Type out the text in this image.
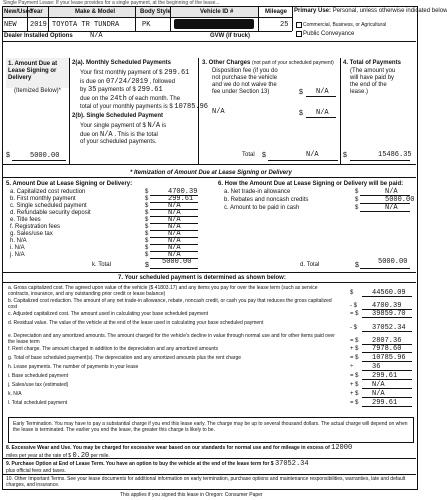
Single Payment Lease: If your lease provides for a single payment, at the beginning of the lease...
New/Used
Year	Make & Model	Body Style	Vehicle ID #	Mileage Primary Use: Personal, unless otherwise indicated below
NEW 2019 TOYOTA TR TUNDRA	PK	25	Commercial, Business, or Agricultural
Public Conveyance
Dealer Installed Options N/A	GVW (if truck)
1. Amount Due at Lease Signing or Delivery
(Itemized Below)*
$	5000.00
2(a). Monthly Scheduled Payments
Your first monthly payment of $ 299.61
is due on 07/24/2019 , followed
by 35 payments of $ 299.61
due on the 24th of each month. The
total of your monthly payments is $ 10785.96
2(b). Single Scheduled Payment
Your single payment of $ N/A is
due on N/A . This is the total
of your scheduled payments.
3. Other Charges (not part of your scheduled payment)
Disposition fee (if you do
not purchase the vehicle
and we do not waive the
fee under Section 13)	$ N/A
N/A	$ N/A
Total $	N/A
4. Total of Payments
(The amount you
will have paid by
the end of the
lease.)
$	15486.35
* Itemization of Amount Due at Lease Signing or Delivery
5. Amount Due at Lease Signing or Delivery:
a. Capitalized cost reduction	$	4700.39
b. First monthly payment	$	299.61
c. Single scheduled payment	$	N/A
d. Refundable security deposit	$	N/A
e. Title fees	$	N/A
f. Registration fees	$	N/A
g. Sales/use tax	$	N/A
h. N/A	$	N/A
i. N/A	$	N/A
j. N/A	$	N/A
k. Total	$ 5000.00
6. How the Amount Due at Lease Signing or Delivery will be paid:
a. Net trade-in allowance	$	N/A
b. Rebates and noncash credits	$	5000.00
c. Amount to be paid in cash	$	N/A
d. Total	$	5000.00
7. Your scheduled payment is determined as shown below:
a. Gross capitalized cost. The agreed upon value of the vehicle ($ 41803.17) and any items you pay for over the lease term (such as service contracts, insurance, and any outstanding prior credit or lease balance)	$	44560.09
b. Capitalized cost reduction. The amount of any net trade-in allowance, rebate, noncash credit, or cash you pay that reduces the gross capitalized cost	- $ 4700.39
c. Adjusted capitalized cost. The amount used in calculating your base scheduled payment	= $ 39859.70
d. Residual value. The value of the vehicle at the end of the lease used in calculating your base scheduled payment
- $ 37052.34
e. Depreciation and any amortized amounts. The amount charged for the vehicle's decline in value through normal use and for other items paid over the lease term	= $ 2807.36
f. Rent charge. The amount charged in addition to the depreciation and any amortized amounts	+ $ 7978.60
g. Total of base scheduled payment(s). The depreciation and any amortized amounts plus the rent charge	= $ 10785.96
h. Lease payments. The number of payments in your lease	÷	36
i. Base scheduled payment	= $ 299.61
j. Sales/use tax (estimated)	+ $ N/A
k. N/A	+ $ N/A
l. Total scheduled payment	= $ 299.61
Early Termination. You may have to pay a substantial charge if you end this lease early. The charge may be up to several thousand dollars. The actual charge will depend on when the lease is terminated. The earlier you end the lease, the greater this charge is likely to be.
8. Excessive Wear and Use. You may be charged for excessive wear based on our standards for normal use and for mileage in excess of 12000
miles per year at the rate of $ 0.20 per mile.
9. Purchase Option at End of Lease Term. You have an option to buy the vehicle at the end of the lease term for $ 37052.34
plus official fees and taxes.
10. Other Important Terms. See your lease documents for additional information on early termination, purchase options and maintenance responsibilities, warranties, late and default charges, and insurance.
This applies if you signed this lease in Oregon: Consumer Paper
